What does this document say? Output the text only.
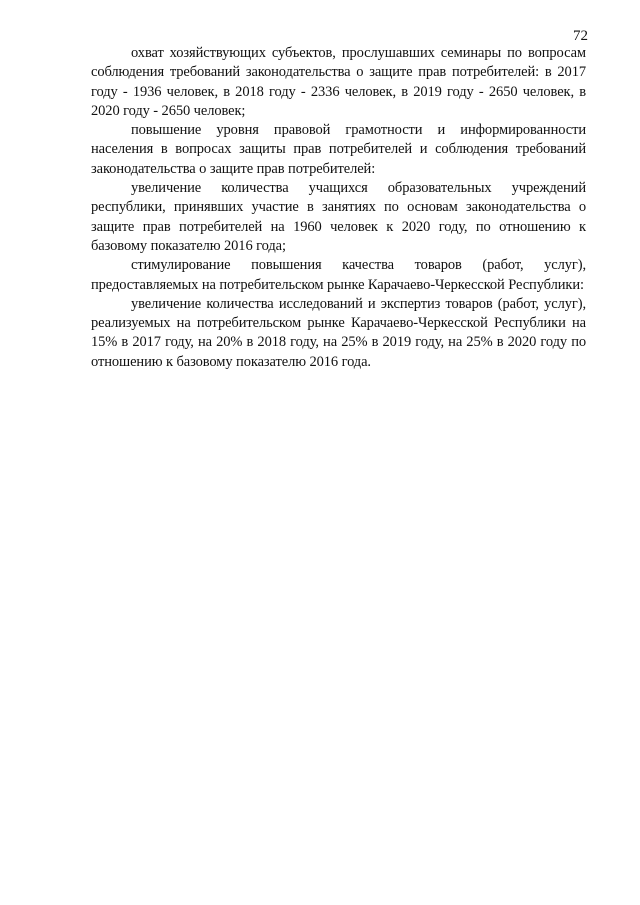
72

охват хозяйствующих субъектов, прослушавших семинары по вопросам соблюдения требований законодательства о защите прав потребителей: в 2017 году - 1936 человек, в 2018 году - 2336 человек, в 2019 году - 2650 человек, в 2020 году - 2650 человек;

повышение уровня правовой грамотности и информированности населения в вопросах защиты прав потребителей и соблюдения требований законодательства о защите прав потребителей:

увеличение количества учащихся образовательных учреждений республики, принявших участие в занятиях по основам законодательства о защите прав потребителей на 1960 человек к 2020 году, по отношению к базовому показателю 2016 года;

стимулирование повышения качества товаров (работ, услуг), предоставляемых на потребительском рынке Карачаево-Черкесской Республики:

увеличение количества исследований и экспертиз товаров (работ, услуг), реализуемых на потребительском рынке Карачаево-Черкесской Республики на 15% в 2017 году, на 20% в 2018 году, на 25% в 2019 году, на 25% в 2020 году по отношению к базовому показателю 2016 года.
